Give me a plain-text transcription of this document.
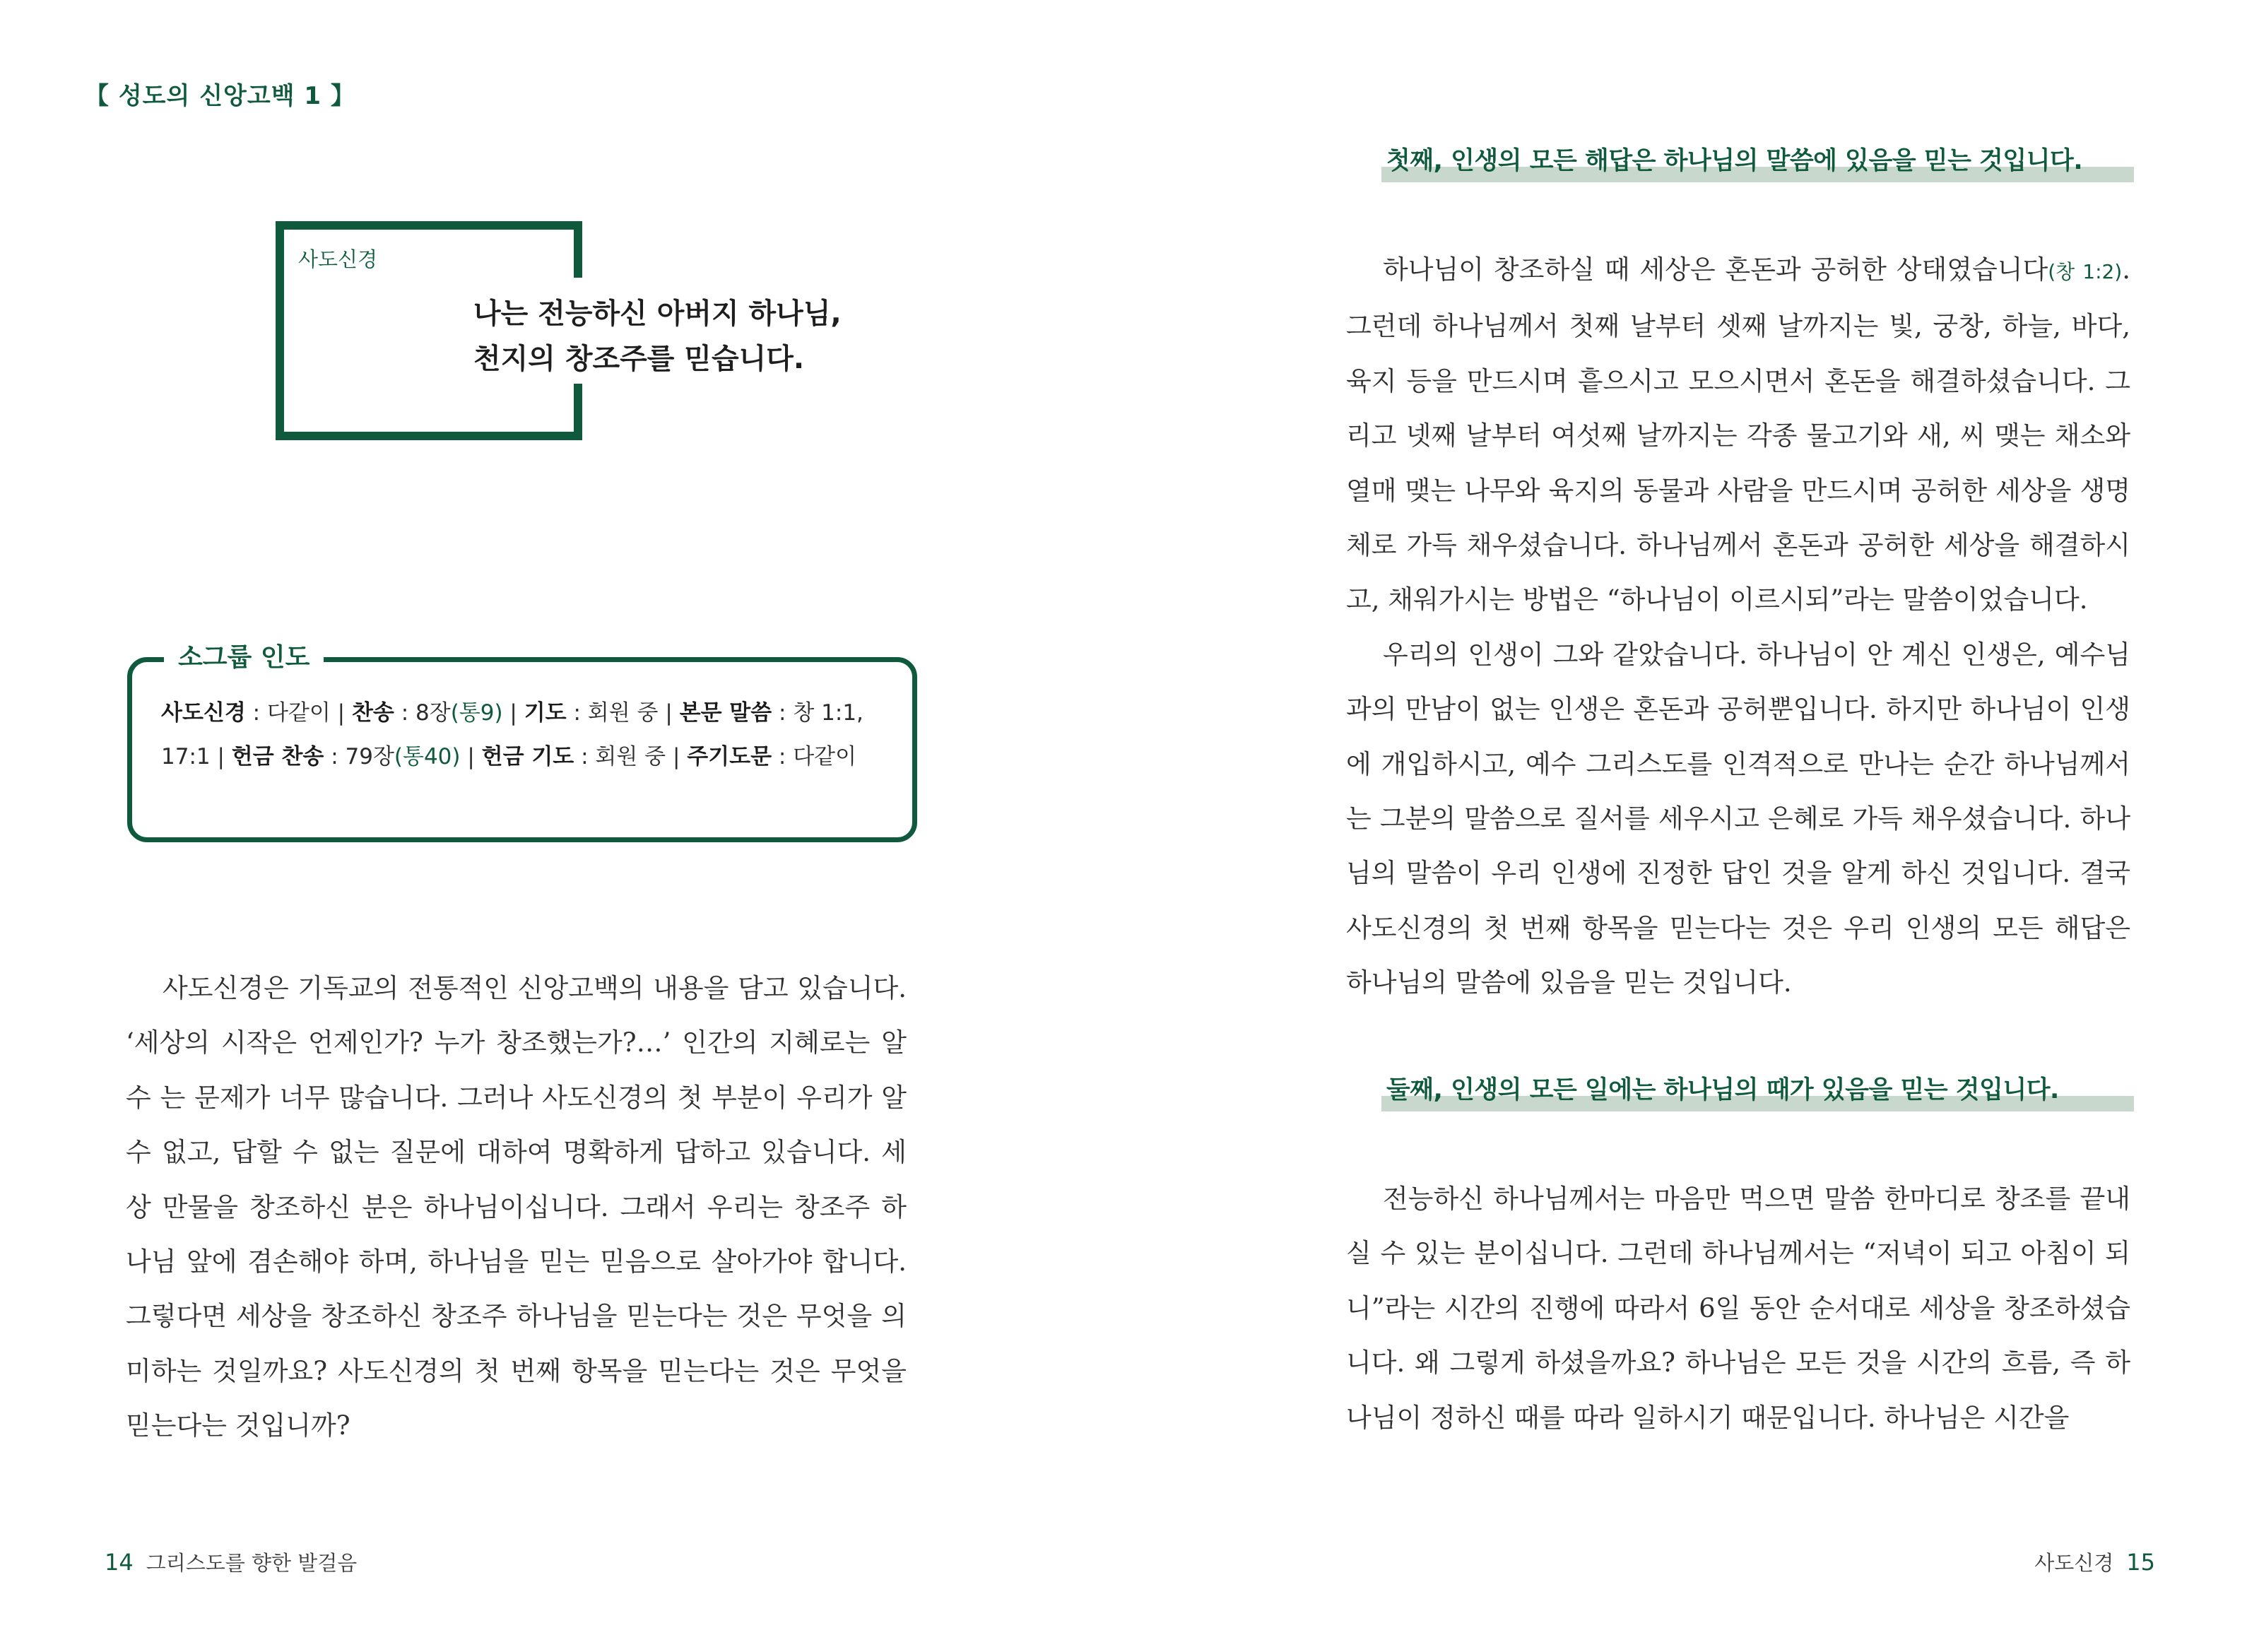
【 성도의 신앙고백 1 】
사도신경
나는 전능하신 아버지 하나님,
천지의 창조주를 믿습니다.
소그룹 인도
사도신경 : 다같이 | 찬송 : 8장(통9) | 기도 : 회원 중 | 본문 말씀 : 창 1:1, 17:1 | 헌금 찬송 : 79장(통40) | 헌금 기도 : 회원 중 | 주기도문 : 다같이
사도신경은 기독교의 전통적인 신앙고백의 내용을 담고 있습니다. ‘세상의 시작은 언제인가? 누가 창조했는가?…’ 인간의 지혜로는 알 수 는 문제가 너무 많습니다. 그러나 사도신경의 첫 부분이 우리가 알 수 없고, 답할 수 없는 질문에 대하여 명확하게 답하고 있습니다. 세상 만물을 창조하신 분은 하나님이십니다. 그래서 우리는 창조주 하나님 앞에 겸손해야 하며, 하나님을 믿는 믿음으로 살아가야 합니다. 그렇다면 세상을 창조하신 창조주 하나님을 믿는다는 것은 무엇을 의미하는 것일까요? 사도신경의 첫 번째 항목을 믿는다는 것은 무엇을 믿는다는 것입니까?
14 그리스도를 향한 발걸음
첫째, 인생의 모든 해답은 하나님의 말씀에 있음을 믿는 것입니다.
하나님이 창조하실 때 세상은 혼돈과 공허한 상태였습니다(창 1:2). 그런데 하나님께서 첫째 날부터 셋째 날까지는 빛, 궁창, 하늘, 바다, 육지 등을 만드시며 흩으시고 모으시면서 혼돈을 해결하셨습니다. 그리고 넷째 날부터 여섯째 날까지는 각종 물고기와 새, 씨 맺는 채소와 열매 맺는 나무와 육지의 동물과 사람을 만드시며 공허한 세상을 생명체로 가득 채우셨습니다. 하나님께서 혼돈과 공허한 세상을 해결하시고, 채워가시는 방법은 “하나님이 이르시되”라는 말씀이었습니다.
우리의 인생이 그와 같았습니다. 하나님이 안 계신 인생은, 예수님과의 만남이 없는 인생은 혼돈과 공허뿐입니다. 하지만 하나님이 인생에 개입하시고, 예수 그리스도를 인격적으로 만나는 순간 하나님께서는 그분의 말씀으로 질서를 세우시고 은혜로 가득 채우셨습니다. 하나님의 말씀이 우리 인생에 진정한 답인 것을 알게 하신 것입니다. 결국 사도신경의 첫 번째 항목을 믿는다는 것은 우리 인생의 모든 해답은 하나님의 말씀에 있음을 믿는 것입니다.
둘째, 인생의 모든 일에는 하나님의 때가 있음을 믿는 것입니다.
전능하신 하나님께서는 마음만 먹으면 말씀 한마디로 창조를 끝내실 수 있는 분이십니다. 그런데 하나님께서는 “저녁이 되고 아침이 되니”라는 시간의 진행에 따라서 6일 동안 순서대로 세상을 창조하셨습니다. 왜 그렇게 하셨을까요? 하나님은 모든 것을 시간의 흐름, 즉 하나님이 정하신 때를 따라 일하시기 때문입니다. 하나님은 시간을
사도신경 15
